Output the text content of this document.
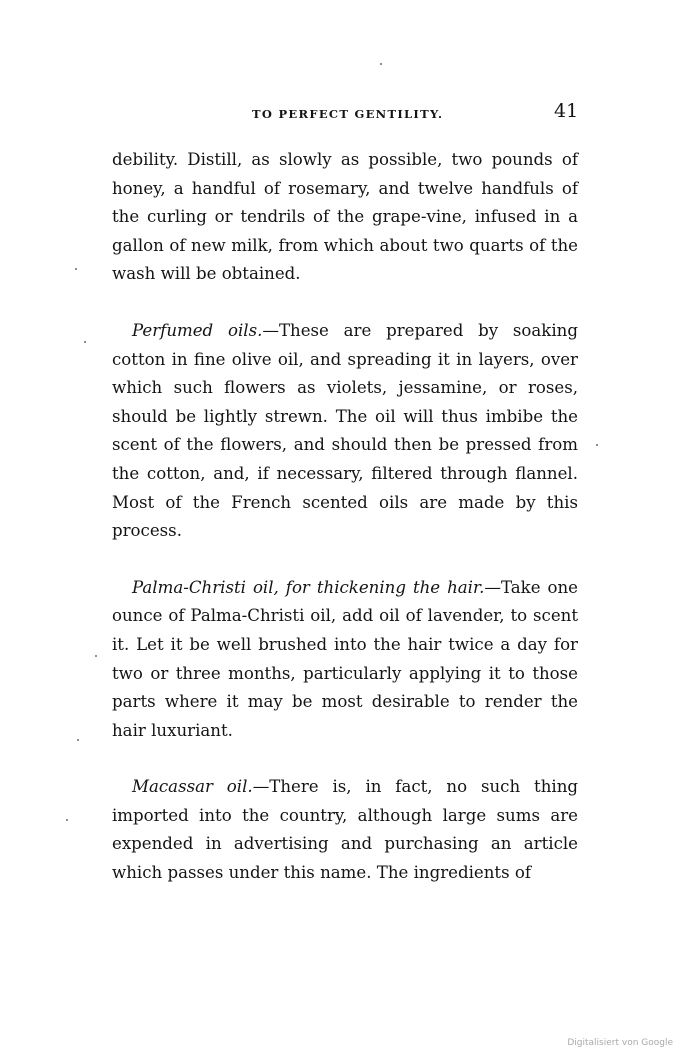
TO PERFECT GENTILITY.	41

debility. Distill, as slowly as possible, two pounds of honey, a handful of rosemary, and twelve handfuls of the curling or tendrils of the grape-vine, infused in a gallon of new milk, from which about two quarts of the wash will be obtained.

Perfumed oils.—These are prepared by soaking cotton in fine olive oil, and spreading it in layers, over which such flowers as violets, jessamine, or roses, should be lightly strewn. The oil will thus imbibe the scent of the flowers, and should then be pressed from the cotton, and, if necessary, filtered through flannel. Most of the French scented oils are made by this process.

Palma-Christi oil, for thickening the hair.—Take one ounce of Palma-Christi oil, add oil of lavender, to scent it. Let it be well brushed into the hair twice a day for two or three months, particularly applying it to those parts where it may be most desirable to render the hair luxuriant.

Macassar oil.—There is, in fact, no such thing imported into the country, although large sums are expended in advertising and purchasing an article which passes under this name. The ingredients of

Digitalisiert von Google
